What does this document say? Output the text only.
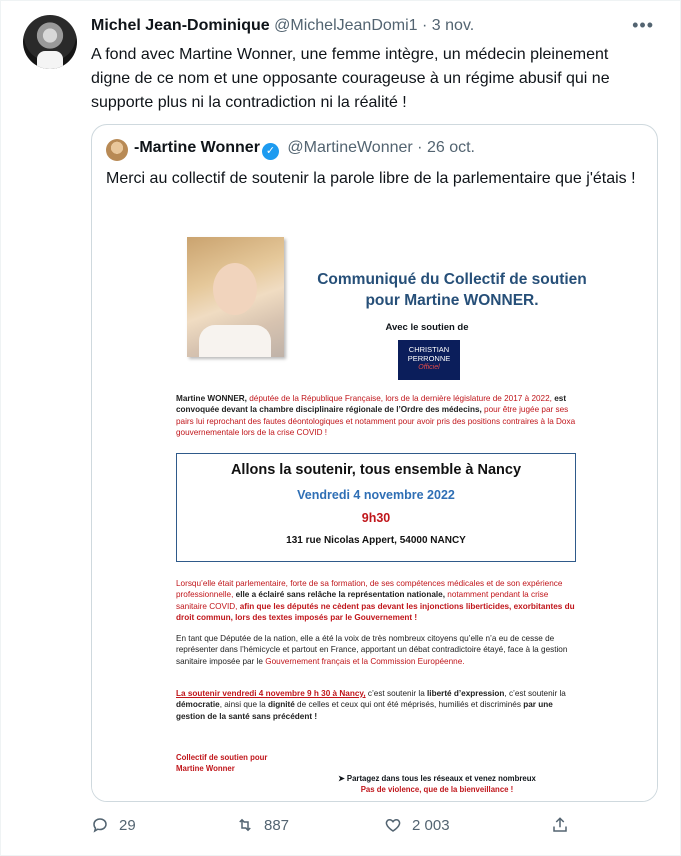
Michel Jean-Dominique @MichelJeanDomi1 · 3 nov.	•••
A fond avec Martine Wonner, une femme intègre, un médecin pleinement digne de ce nom et une opposante courageuse à un régime abusif qui ne supporte plus ni la contradiction ni la réalité !
-Martine Wonner ✓ @MartineWonner · 26 oct.
Merci au collectif de soutenir la parole libre de la parlementaire que j'étais !
Communiqué du Collectif de soutien
pour Martine WONNER.
Avec le soutien de
CHRISTIAN
PERRONNE
Officiel
Martine WONNER, députée de la République Française, lors de la dernière législature de 2017 à 2022, est convoquée devant la chambre disciplinaire régionale de l’Ordre des médecins, pour être jugée par ses pairs lui reprochant des fautes déontologiques et notamment pour avoir pris des positions contraires à la Doxa gouvernementale lors de la crise COVID !
Allons la soutenir, tous ensemble à Nancy
Vendredi 4 novembre 2022
9h30
131 rue Nicolas Appert, 54000 NANCY
Lorsqu’elle était parlementaire, forte de sa formation, de ses compétences médicales et de son expérience professionnelle, elle a éclairé sans relâche la représentation nationale, notamment pendant la crise sanitaire COVID, afin que les députés ne cèdent pas devant les injonctions liberticides, exorbitantes du droit commun, lors des textes imposés par le Gouvernement !
En tant que Députée de la nation, elle a été la voix de très nombreux citoyens qu’elle n’a eu de cesse de représenter dans l’hémicycle et partout en France, apportant un débat contradictoire étayé, face à la gestion sanitaire imposée par le Gouvernement français et la Commission Européenne.
La soutenir vendredi 4 novembre 9 h 30 à Nancy, c’est soutenir la liberté d’expression, c’est soutenir la démocratie, ainsi que la dignité de celles et ceux qui ont été méprisés, humiliés et discriminés par une gestion de la santé sans précédent !
Collectif de soutien pour
Martine Wonner
➤ Partagez dans tous les réseaux et venez nombreux
Pas de violence, que de la bienveillance !
29	887	2 003
